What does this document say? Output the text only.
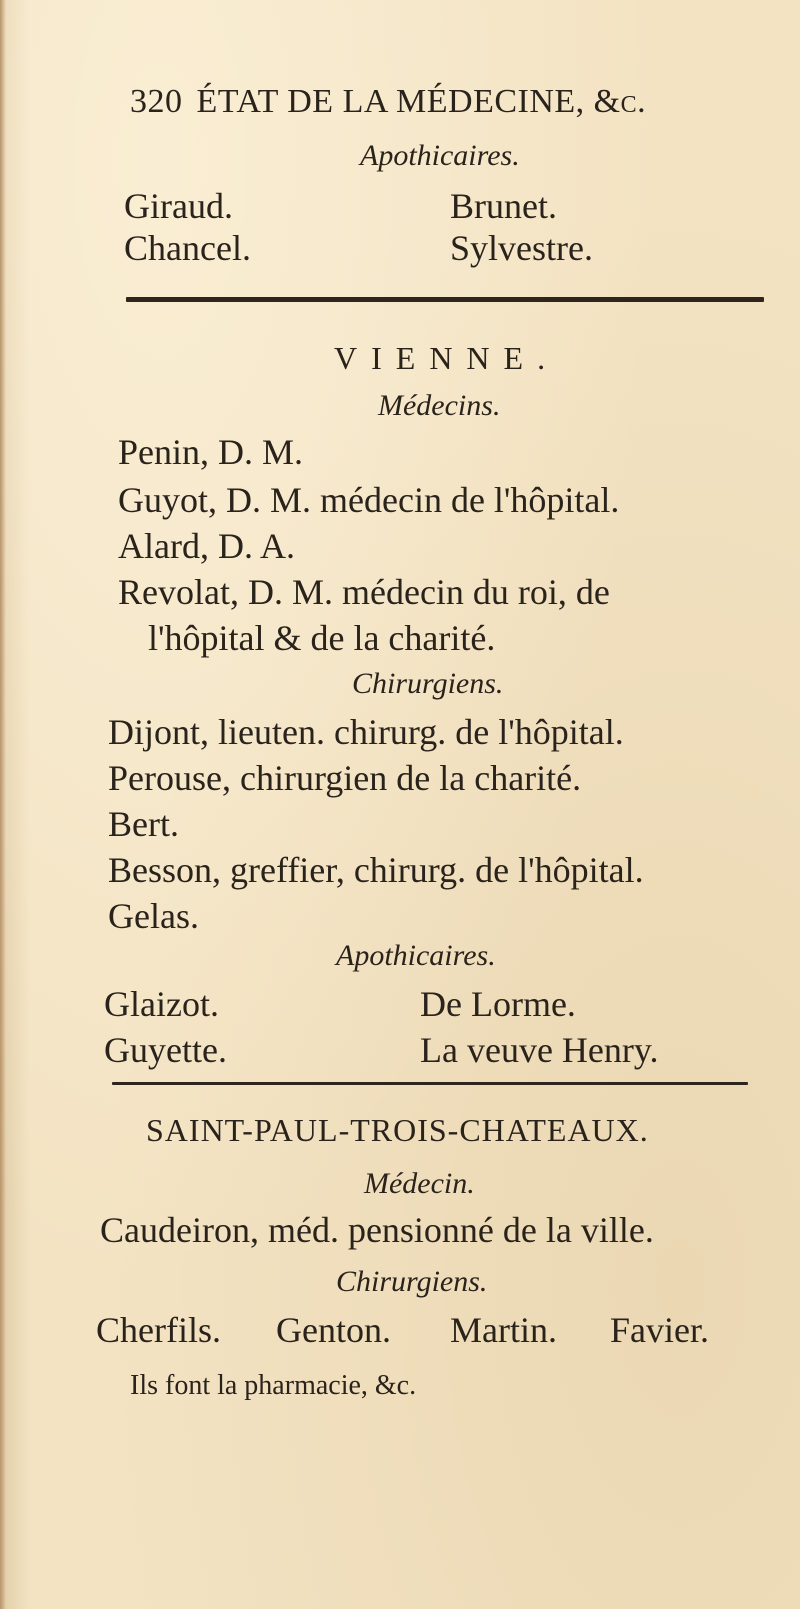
320 ÉTAT DE LA MÉDECINE, &c.
Apothicaires.
Giraud.	Brunet.
Chancel.	Sylvestre.
VIENNE.
Médecins.
Penin, D. M.
Guyot, D. M. médecin de l'hôpital.
Alard, D. A.
Revolat, D. M. médecin du roi, de
l'hôpital & de la charité.
Chirurgiens.
Dijont, lieuten. chirurg. de l'hôpital.
Perouse, chirurgien de la charité.
Bert.
Besson, greffier, chirurg. de l'hôpital.
Gelas.
Apothicaires.
Glaizot.	De Lorme.
Guyette.	La veuve Henry.
SAINT-PAUL-TROIS-CHATEAUX.
Médecin.
Caudeiron, méd. pensionné de la ville.
Chirurgiens.
Cherfils. Genton. Martin. Favier.
Ils font la pharmacie, &c.
